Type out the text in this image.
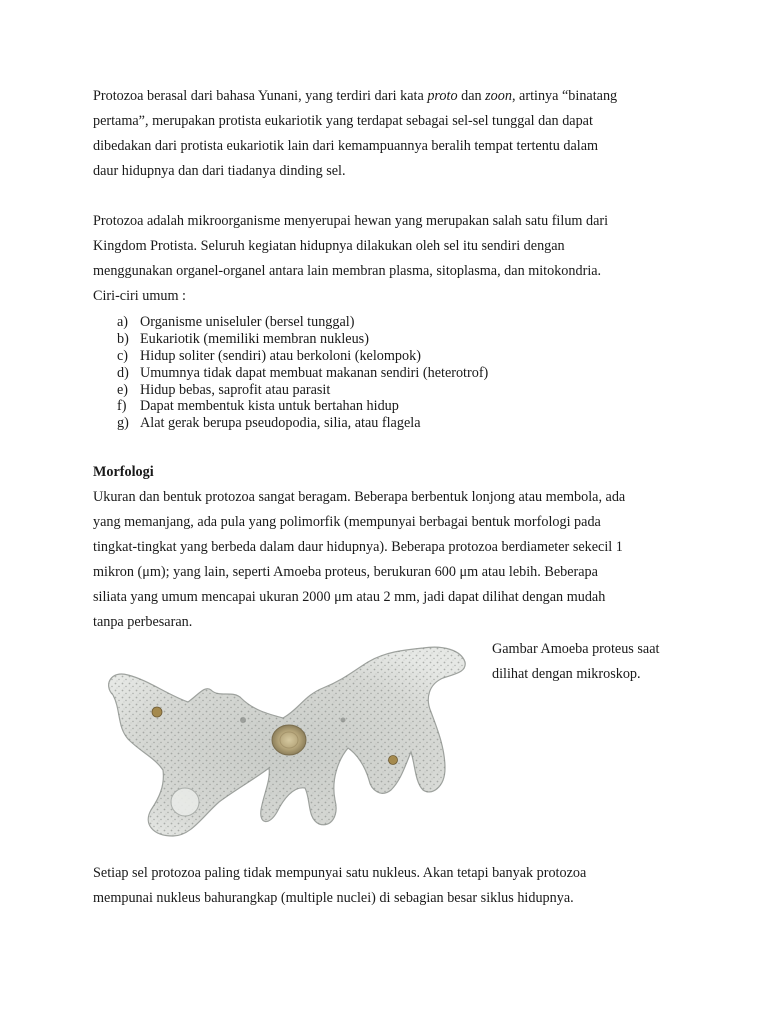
Protozoa berasal dari bahasa Yunani, yang terdiri dari kata proto dan zoon, artinya “binatang
pertama”, merupakan protista eukariotik yang terdapat sebagai sel-sel tunggal dan dapat
dibedakan dari protista eukariotik lain dari kemampuannya beralih tempat tertentu dalam
daur hidupnya dan dari tiadanya dinding sel.
Protozoa adalah mikroorganisme menyerupai hewan yang merupakan salah satu filum dari
Kingdom Protista. Seluruh kegiatan hidupnya dilakukan oleh sel itu sendiri dengan
menggunakan organel-organel antara lain membran plasma, sitoplasma, dan mitokondria.
Ciri-ciri umum :
a) Organisme uniseluler (bersel tunggal)
b) Eukariotik (memiliki membran nukleus)
c) Hidup soliter (sendiri) atau berkoloni (kelompok)
d) Umumnya tidak dapat membuat makanan sendiri (heterotrof)
e) Hidup bebas, saprofit atau parasit
f) Dapat membentuk kista untuk bertahan hidup
g) Alat gerak berupa pseudopodia, silia, atau flagela
Morfologi
Ukuran dan bentuk protozoa sangat beragam. Beberapa berbentuk lonjong atau membola, ada
yang memanjang, ada pula yang polimorfik (mempunyai berbagai bentuk morfologi pada
tingkat-tingkat yang berbeda dalam daur hidupnya). Beberapa protozoa berdiameter sekecil 1
mikron (μm); yang lain, seperti Amoeba proteus, berukuran 600 μm atau lebih. Beberapa
siliata yang umum mencapai ukuran 2000 μm atau 2 mm, jadi dapat dilihat dengan mudah
tanpa perbesaran.
Gambar Amoeba proteus saat
dilihat dengan mikroskop.
Setiap sel protozoa paling tidak mempunyai satu nukleus. Akan tetapi banyak protozoa
mempunai nukleus bahurangkap (multiple nuclei) di sebagian besar siklus hidupnya.
